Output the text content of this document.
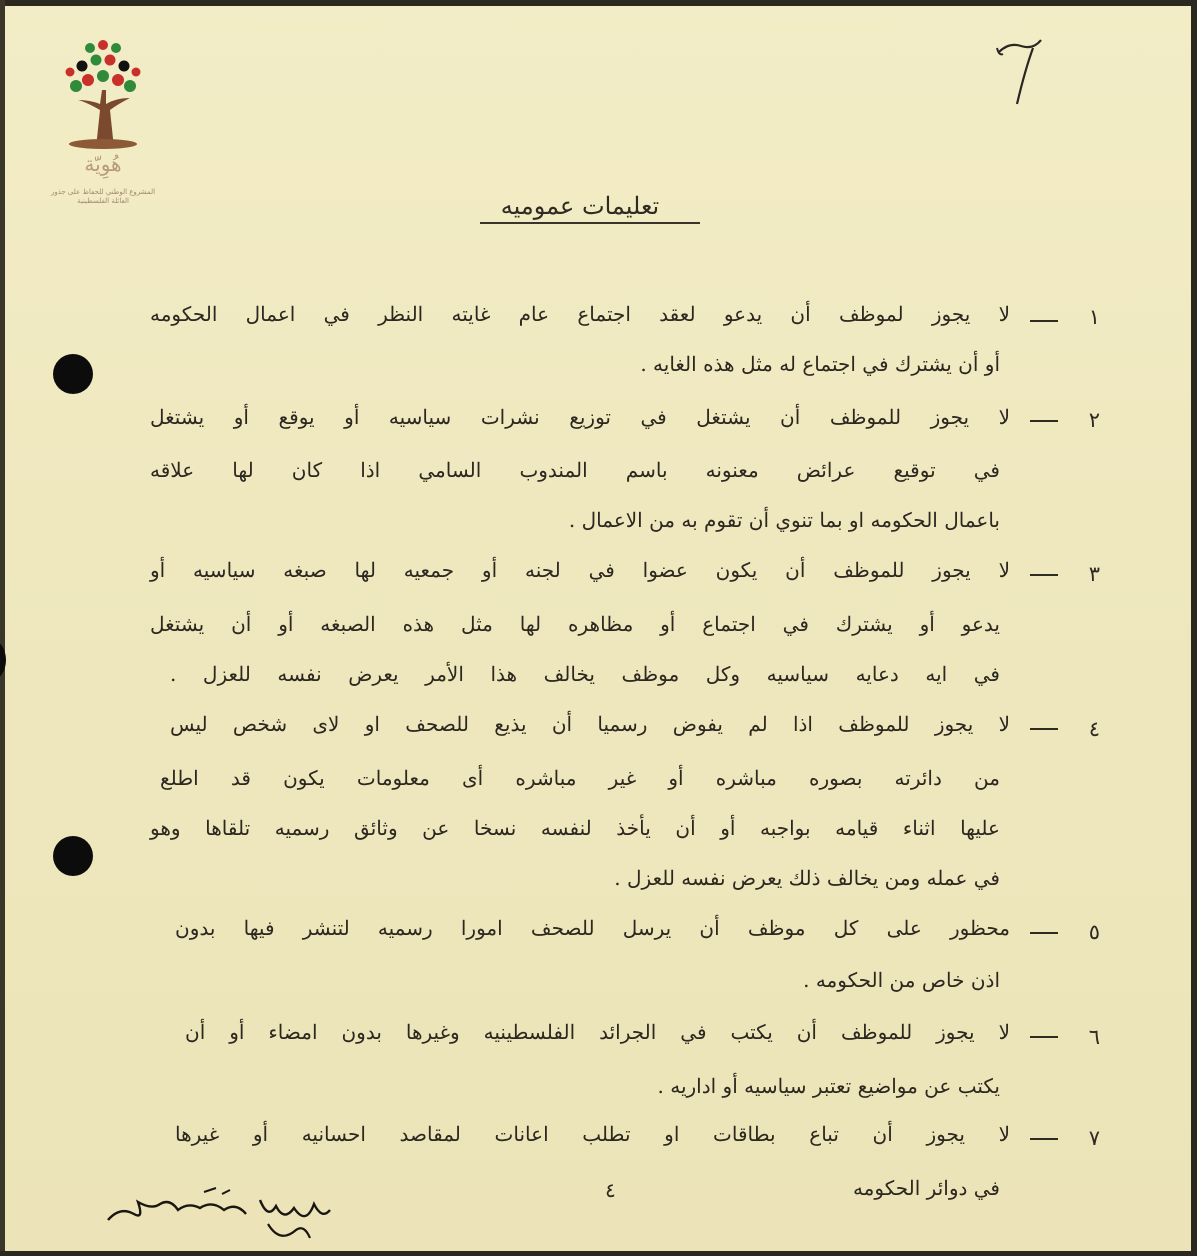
هُوِيّة
المشروع الوطني للحفاظ على جذور العائلة الفلسطينية	تعليمات عموميه
١
لا يجوز لموظف أن يدعو لعقد اجتماع عام غايته النظر في اعمال الحكومه
أو أن يشترك في اجتماع له مثل هذه الغايه .
٢
لا يجوز للموظف أن يشتغل في توزيع نشرات سياسيه أو يوقع أو يشتغل
في توقيع عرائض معنونه باسم المندوب السامي اذا كان لها علاقه
باعمال الحكومه او بما تنوي أن تقوم به من الاعمال .
٣
لا يجوز للموظف أن يكون عضوا في لجنه أو جمعيه لها صبغه سياسيه أو
يدعو أو يشترك في اجتماع أو مظاهره لها مثل هذه الصبغه أو أن يشتغل
في ايه دعايه سياسيه وكل موظف يخالف هذا الأمر يعرض نفسه للعزل .
٤
لا يجوز للموظف اذا لم يفوض رسميا أن يذيع للصحف او لاى شخص ليس
من دائرته بصوره مباشره أو غير مباشره أى معلومات يكون قد اطلع
عليها اثناء قيامه بواجبه أو أن يأخذ لنفسه نسخا عن وثائق رسميه تلقاها وهو
في عمله ومن يخالف ذلك يعرض نفسه للعزل .
٥
محظور على كل موظف أن يرسل للصحف امورا رسميه لتنشر فيها بدون
اذن خاص من الحكومه .
٦
لا يجوز للموظف أن يكتب في الجرائد الفلسطينيه وغيرها بدون امضاء أو أن
يكتب عن مواضيع تعتبر سياسيه أو اداريه .
٧
لا يجوز أن تباع بطاقات او تطلب اعانات لمقاصد احسانيه أو غيرها
في دوائر الحكومه
٤
